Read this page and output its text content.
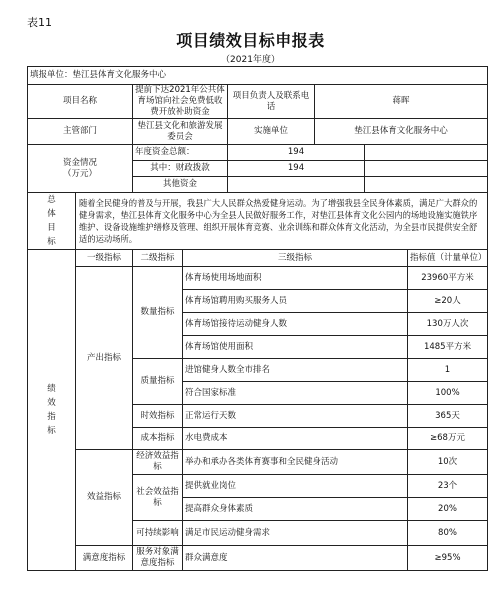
表11
项目绩效目标申报表
（2021年度）
填报单位：垫江县体育文化服务中心							
项目名称		提前下达2021年公共体育场馆向社会免费低收费开放补助资金		项目负责人及联系电话	蒋晖		
主管部门		垫江县文化和旅游发展委员会		实施单位	垫江县体育文化服务中心		

资金情况
（万元）		年度资金总额：		194			
		其中：财政拨款		194			
		其他资金					

总
体
目
标	随着全民健身的普及与开展，我县广大人民群众热爱健身运动。为了增强我县全民身体素质，满足广大群众的健身需求，垫江县体育文化服务中心为全县人民做好服务工作，对垫江县体育文化公园内的场地设施实施铁序维护、设备设施维护缮修及管理、组织开展体育竞赛、业余训练和群众体育文化活动，为全县市民提供安全舒适的运动场所。						

绩
效
指
标	一级指标	二级指标	三级指标				指标值（计量单位）
	产出指标	数量指标	体育场使用场地面积				23960平方米
			体育场馆聘用购买服务人员				≥20人
			体育场馆接待运动健身人数				130万人次
			体育场馆使用面积				1485平方米
		质量指标	进馆健身人数全市排名				1
			符合国家标准				100%
		时效指标	正常运行天数				365天
		成本指标	水电费成本				≥68万元
	效益指标	经济效益指标	举办和承办各类体育赛事和全民健身活动				10次
		社会效益指标	提供就业岗位				23个
			提高群众身体素质				20%
		可持续影响	满足市民运动健身需求				80%
	满意度指标	服务对象满意度指标	群众满意度				≥95%
